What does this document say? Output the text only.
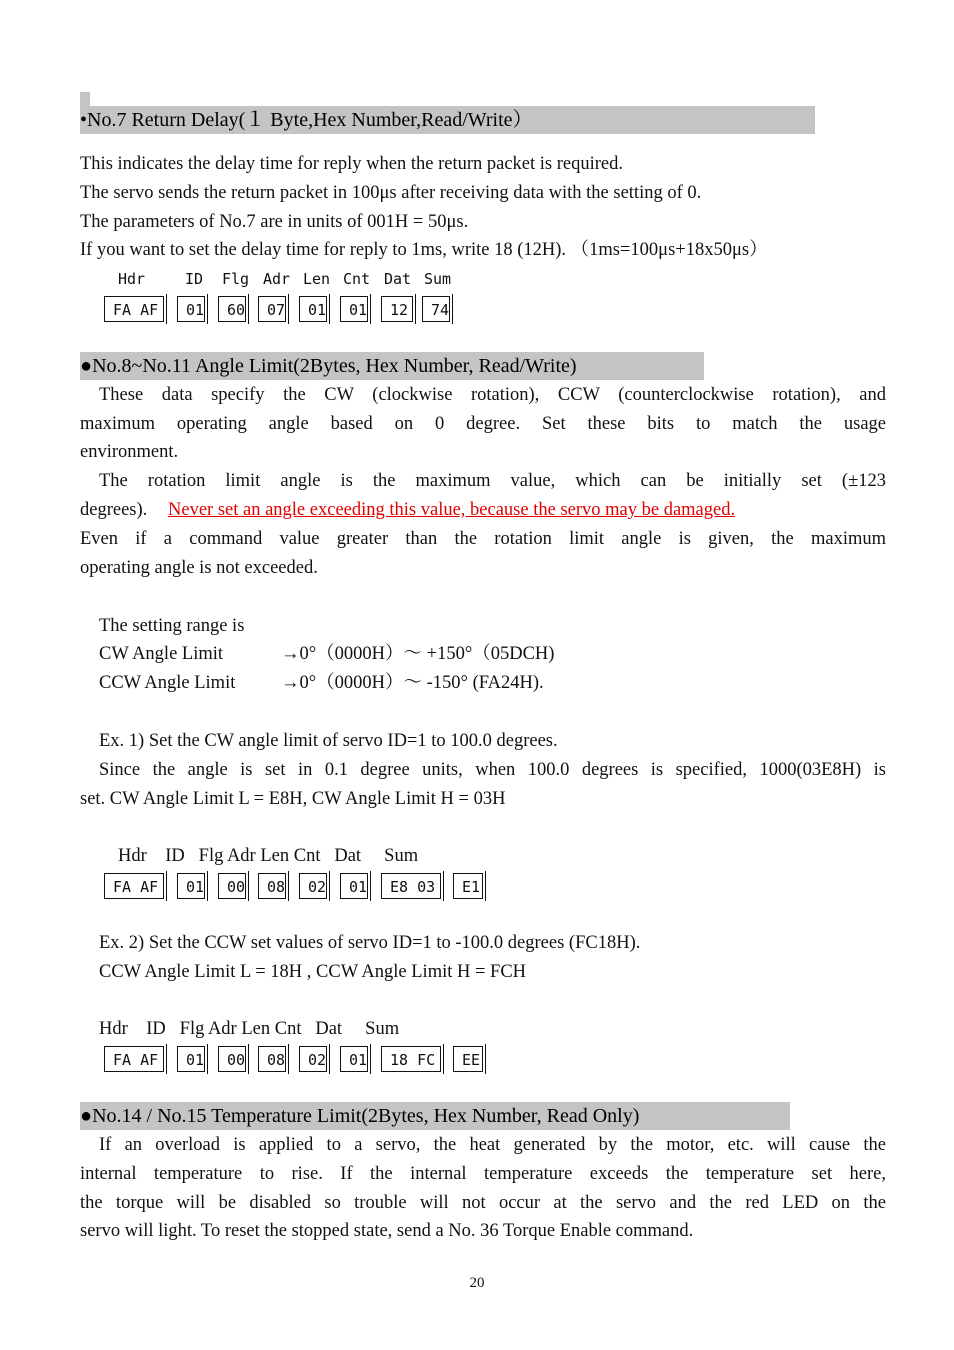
•No.7 Return Delay(１ Byte,Hex Number,Read/Write）
This indicates the delay time for reply when the return packet is required.
The servo sends the return packet in 100μs after receiving data with the setting of 0.
The parameters of No.7 are in units of 001H = 50μs.
If you want to set the delay time for reply to 1ms, write 18 (12H). （1ms=100μs+18x50μs）
Hdr	ID Flg Adr Len Cnt Dat Sum
FA AF	01	60	07	01	01	12	74
●No.8~No.11 Angle Limit(2Bytes, Hex Number, Read/Write)
These data specify the CW (clockwise rotation), CCW (counterclockwise rotation), and
maximum operating angle based on 0 degree. Set these bits to match the usage
environment.
The rotation limit angle is the maximum value, which can be initially set (±123
degrees). Never set an angle exceeding this value, because the servo may be damaged.
Even if a command value greater than the rotation limit angle is given, the maximum
operating angle is not exceeded.
The setting range is
CW Angle Limit	→0°（0000H）～ +150°（05DCH)
CCW Angle Limit →0°（0000H）～ -150° (FA24H).
Ex. 1) Set the CW angle limit of servo ID=1 to 100.0 degrees.
Since the angle is set in 0.1 degree units, when 100.0 degrees is specified, 1000(03E8H) is
set. CW Angle Limit L = E8H, CW Angle Limit H = 03H
Hdr    ID   Flg Adr Len Cnt   Dat     Sum
FA AF	01	00	08	02	01	E8 03	E1
Ex. 2) Set the CCW set values of servo ID=1 to -100.0 degrees (FC18H).
CCW Angle Limit L = 18H , CCW Angle Limit H = FCH
Hdr    ID   Flg Adr Len Cnt   Dat     Sum
FA AF	01	00	08	02	01	18 FC	EE
●No.14 / No.15 Temperature Limit(2Bytes, Hex Number, Read Only)
If an overload is applied to a servo, the heat generated by the motor, etc. will cause the
internal temperature to rise. If the internal temperature exceeds the temperature set here,
the torque will be disabled so trouble will not occur at the servo and the red LED on the
servo will light. To reset the stopped state, send a No. 36 Torque Enable command.
20
